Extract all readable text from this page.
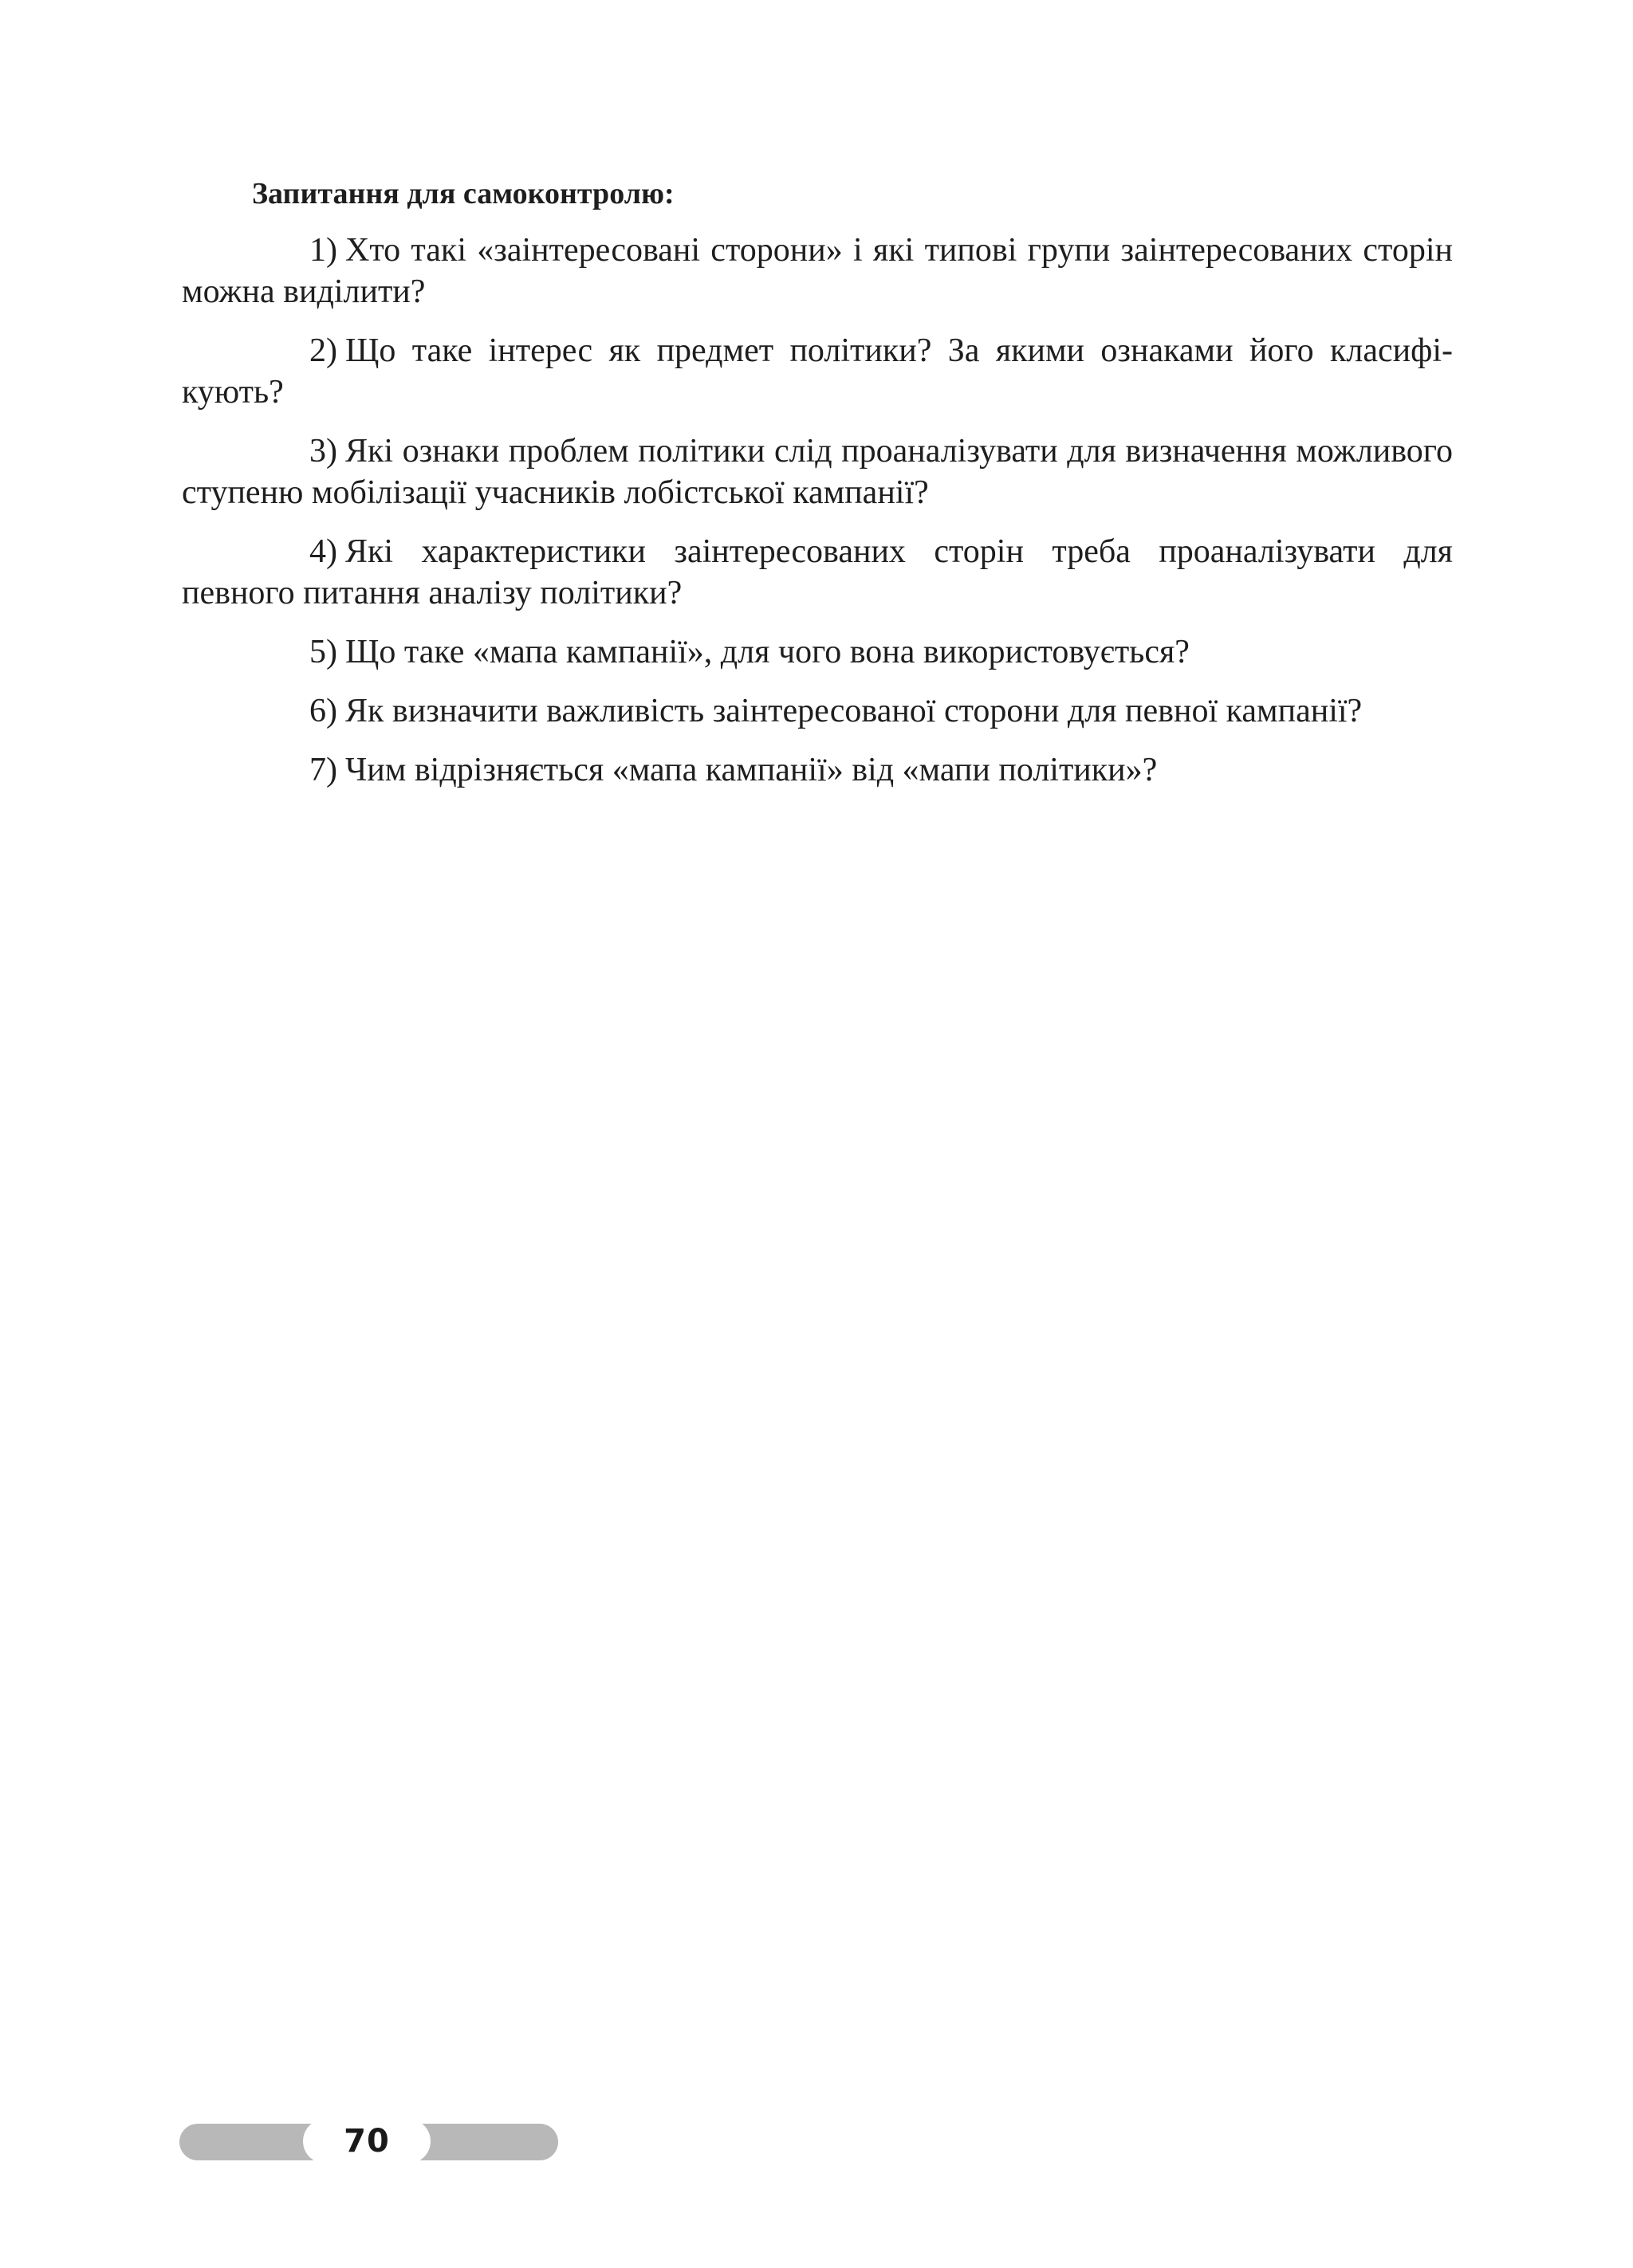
Запитання для самоконтролю:

1) Хто такі «заінтересовані сторони» і які типові групи заінтересованих сторін можна виділити?

2) Що таке інтерес як предмет політики? За якими ознаками його класифікують?

3) Які ознаки проблем політики слід проаналізувати для визначення можливого ступеню мобілізації учасників лобістської кампанії?

4) Які характеристики заінтересованих сторін треба проаналізувати для певного питання аналізу політики?

5) Що таке «мапа кампанії», для чого вона використовується?

6) Як визначити важливість заінтересованої сторони для певної кампанії?

7) Чим відрізняється «мапа кампанії» від «мапи політики»?

70
